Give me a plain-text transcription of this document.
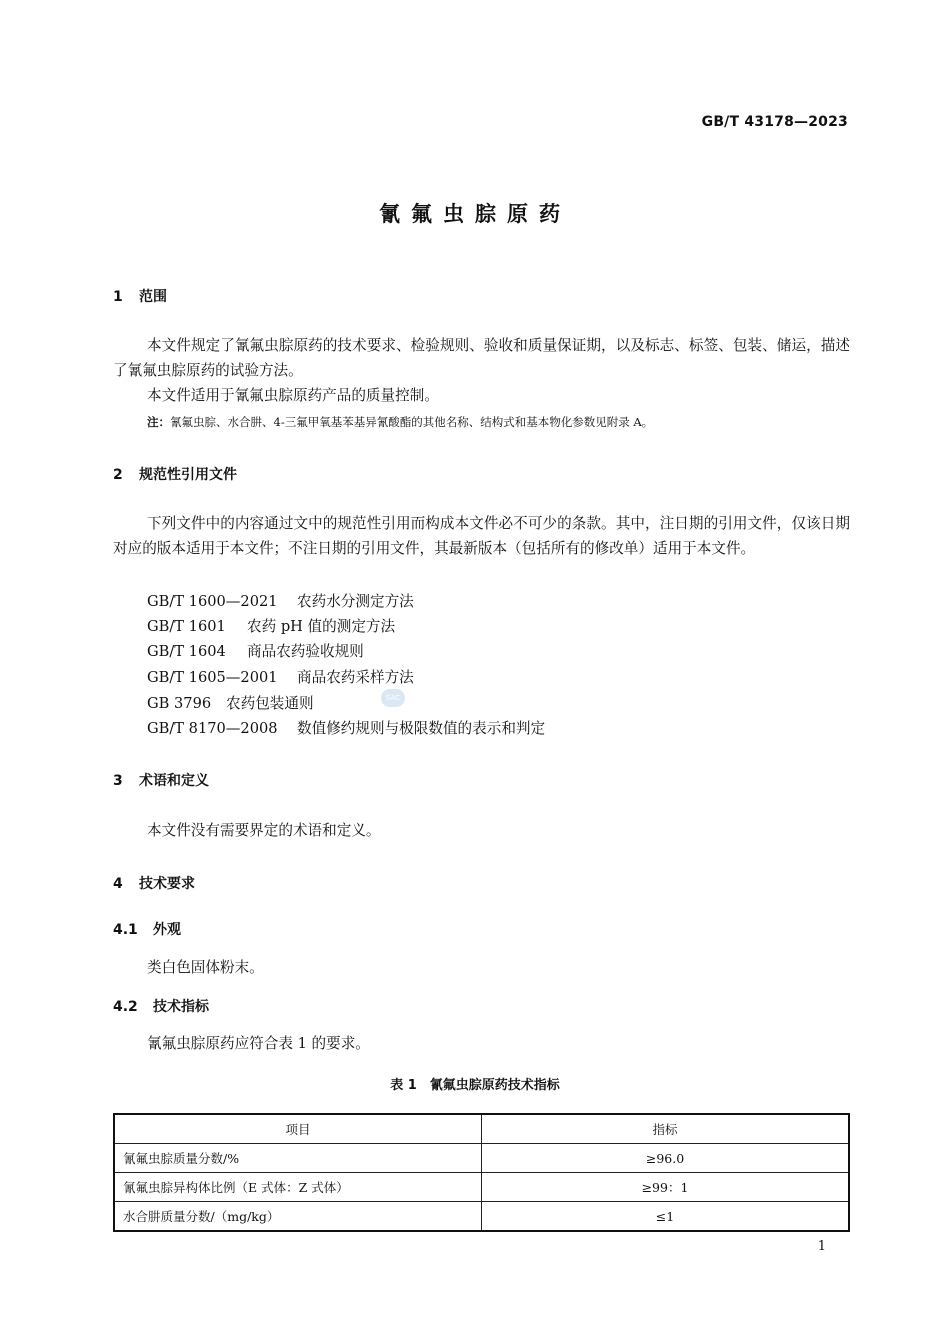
GB/T 43178—2023
氰氟虫腙原药
1 范围
本文件规定了氰氟虫腙原药的技术要求、检验规则、验收和质量保证期，以及标志、标签、包装、储运，描述了氰氟虫腙原药的试验方法。
本文件适用于氰氟虫腙原药产品的质量控制。
注：氰氟虫腙、水合肼、4-三氟甲氧基苯基异氰酸酯的其他名称、结构式和基本物化参数见附录 A。
2 规范性引用文件
下列文件中的内容通过文中的规范性引用而构成本文件必不可少的条款。其中，注日期的引用文件，仅该日期对应的版本适用于本文件；不注日期的引用文件，其最新版本（包括所有的修改单）适用于本文件。
GB/T 1600—2021 农药水分测定方法
GB/T 1601 农药 pH 值的测定方法
GB/T 1604 商品农药验收规则
GB/T 1605—2001 商品农药采样方法
GB 3796 农药包装通则
GB/T 8170—2008 数值修约规则与极限数值的表示和判定
SAC
3 术语和定义
本文件没有需要界定的术语和定义。
4 技术要求
4.1 外观
类白色固体粉末。
4.2 技术指标
氰氟虫腙原药应符合表 1 的要求。
表 1　氰氟虫腙原药技术指标
项目	指标
氰氟虫腙质量分数/%	≥96.0
氰氟虫腙异构体比例（E 式体：Z 式体）	≥99：1
水合肼质量分数/（mg/kg）	≤1
1
